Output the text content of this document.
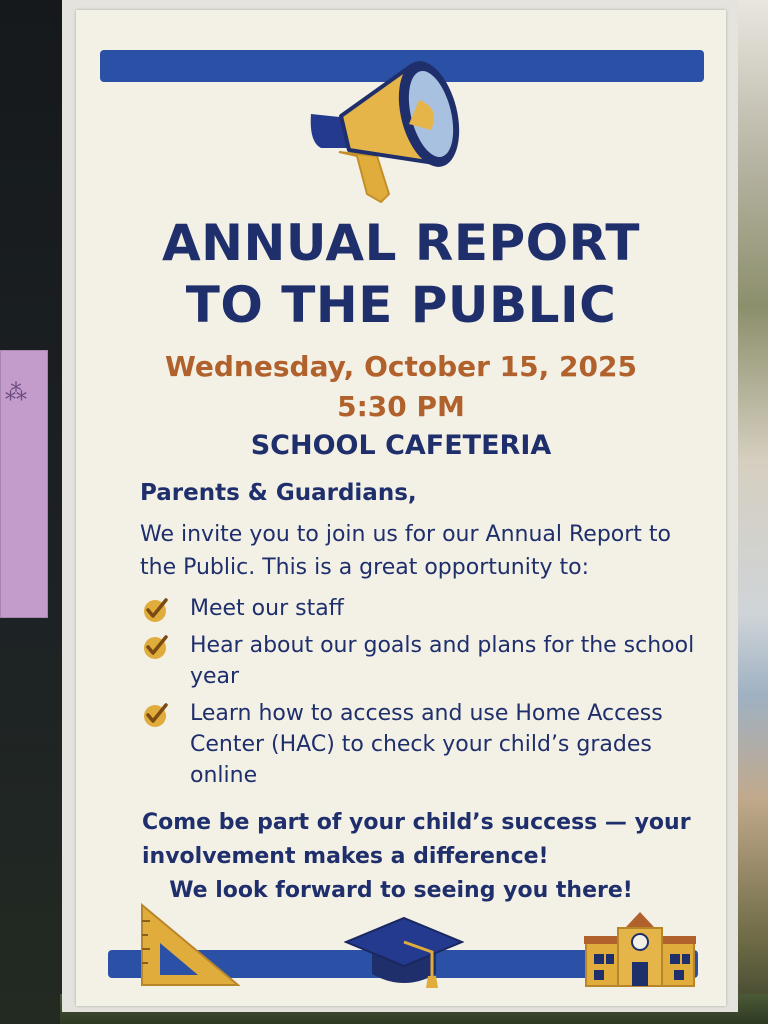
⁂
ANNUAL REPORT
TO THE PUBLIC
Wednesday, October 15, 2025
5:30 PM
SCHOOL CAFETERIA
Parents & Guardians,
We invite you to join us for our Annual Report to the Public. This is a great opportunity to:
Meet our staff
Hear about our goals and plans for the school year
Learn how to access and use Home Access Center (HAC) to check your child’s grades online
Come be part of your child’s success — your involvement makes a difference!
We look forward to seeing you there!
